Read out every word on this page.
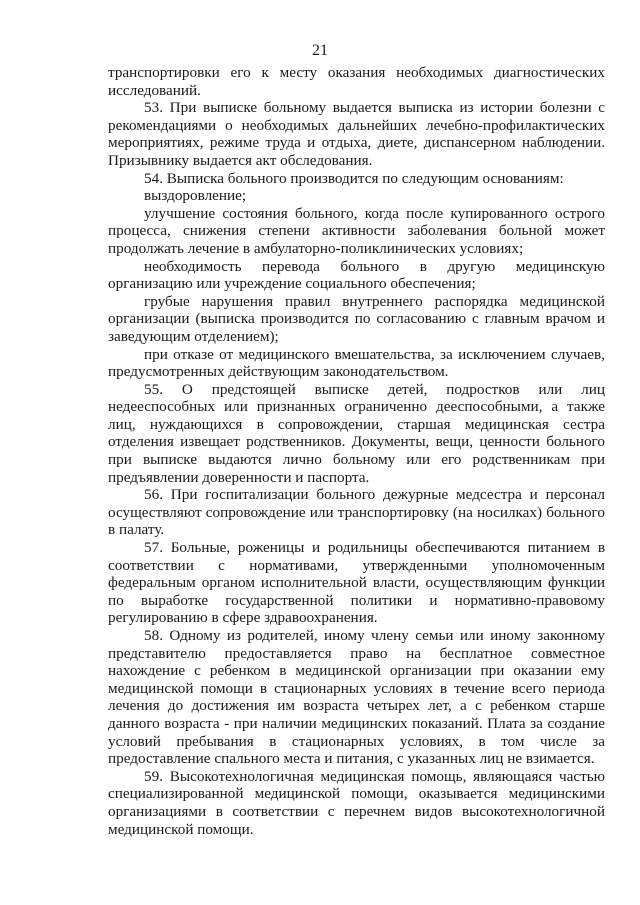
21

транспортировки его к месту оказания необходимых диагностических исследований.

53. При выписке больному выдается выписка из истории болезни с рекомендациями о необходимых дальнейших лечебно-профилактических мероприятиях, режиме труда и отдыха, диете, диспансерном наблюдении. Призывнику выдается акт обследования.

54. Выписка больного производится по следующим основаниям:

выздоровление;

улучшение состояния больного, когда после купированного острого процесса, снижения степени активности заболевания больной может продолжать лечение в амбулаторно-поликлинических условиях;

необходимость перевода больного в другую медицинскую организацию или учреждение социального обеспечения;

грубые нарушения правил внутреннего распорядка медицинской организации (выписка производится по согласованию с главным врачом и заведующим отделением);

при отказе от медицинского вмешательства, за исключением случаев, предусмотренных действующим законодательством.

55. О предстоящей выписке детей, подростков или лиц недееспособных или признанных ограниченно дееспособными, а также лиц, нуждающихся в сопровождении, старшая медицинская сестра отделения извещает родственников. Документы, вещи, ценности больного при выписке выдаются лично больному или его родственникам при предъявлении доверенности и паспорта.

56. При госпитализации больного дежурные медсестра и персонал осуществляют сопровождение или транспортировку (на носилках) больного в палату.

57. Больные, роженицы и родильницы обеспечиваются питанием в соответствии с нормативами, утвержденными уполномоченным федеральным органом исполнительной власти, осуществляющим функции по выработке государственной политики и нормативно-правовому регулированию в сфере здравоохранения.

58. Одному из родителей, иному члену семьи или иному законному представителю предоставляется право на бесплатное совместное нахождение с ребенком в медицинской организации при оказании ему медицинской помощи в стационарных условиях в течение всего периода лечения до достижения им возраста четырех лет, а с ребенком старше данного возраста - при наличии медицинских показаний. Плата за создание условий пребывания в стационарных условиях, в том числе за предоставление спального места и питания, с указанных лиц не взимается.

59. Высокотехнологичная медицинская помощь, являющаяся частью специализированной медицинской помощи, оказывается медицинскими организациями в соответствии с перечнем видов высокотехнологичной медицинской помощи.
